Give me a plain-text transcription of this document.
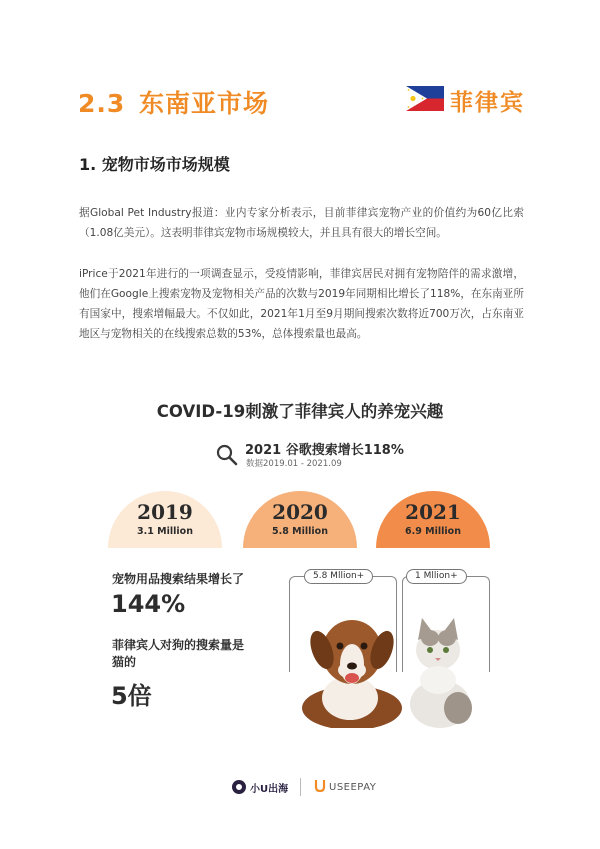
2.3 东南亚市场	菲律宾
1. 宠物市场市场规模

据Global Pet Industry报道：业内专家分析表示，目前菲律宾宠物产业的价值约为60亿比索（1.08亿美元）。这表明菲律宾宠物市场规模较大，并且具有很大的增长空间。

iPrice于2021年进行的一项调查显示，受疫情影响，菲律宾居民对拥有宠物陪伴的需求激增，他们在Google上搜索宠物及宠物相关产品的次数与2019年同期相比增长了118%，在东南亚所有国家中，搜索增幅最大。不仅如此，2021年1月至9月期间搜索次数将近700万次，占东南亚地区与宠物相关的在线搜索总数的53%，总体搜索量也最高。

COVID-19刺激了菲律宾人的养宠兴趣
2021 谷歌搜索增长118%
数据2019.01 - 2021.09
2019
3.1 Million
2020
5.8 Million
2021
6.9 Million
宠物用品搜索结果增长了
144%
菲律宾人对狗的搜索量是猫的
5倍
5.8 Mllion+	1 Mllion+
小U出海	USEEPAY
